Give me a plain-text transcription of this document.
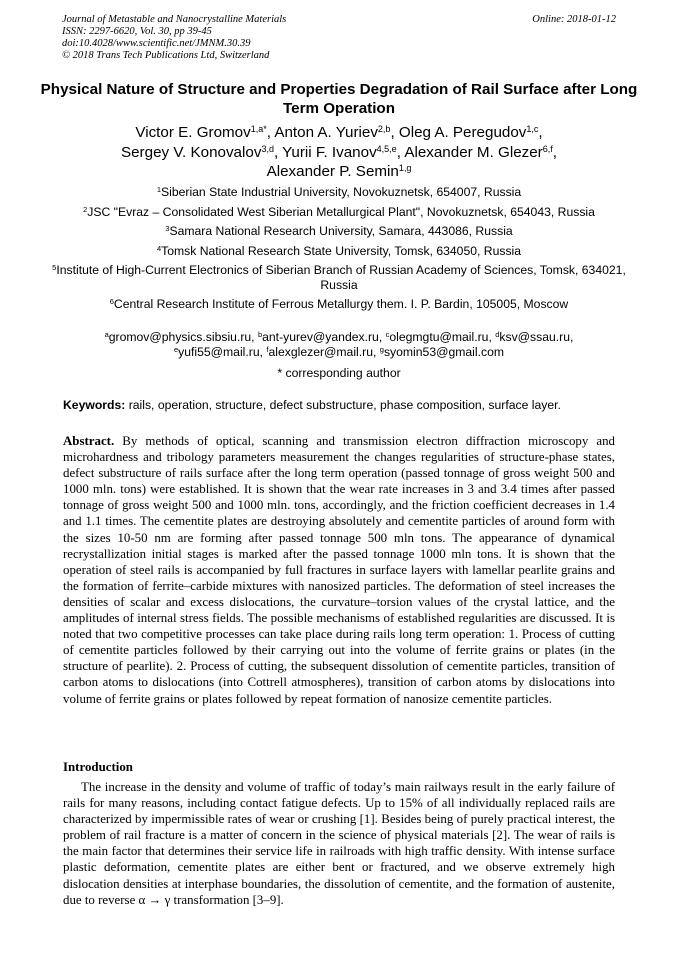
Journal of Metastable and Nanocrystalline Materials
ISSN: 2297-6620, Vol. 30, pp 39-45
doi:10.4028/www.scientific.net/JMNM.30.39
© 2018 Trans Tech Publications Ltd, Switzerland
Online: 2018-01-12
Physical Nature of Structure and Properties Degradation of Rail Surface after Long Term Operation
Victor E. Gromov$^{1,a*}$, Anton A. Yuriev$^{2,b}$, Oleg A. Peregudov$^{1,c}$,
Sergey V. Konovalov$^{3,d}$, Yurii F. Ivanov$^{4,5,e}$, Alexander M. Glezer$^{6,f}$,
Alexander P. Semin$^{1,g}$

$^1$Siberian State Industrial University, Novokuznetsk, 654007, Russia

$^2$JSC "Evraz – Consolidated West Siberian Metallurgical Plant", Novokuznetsk, 654043, Russia

$^3$Samara National Research University, Samara, 443086, Russia

$^4$Tomsk National Research State University, Tomsk, 634050, Russia

$^5$Institute of High-Current Electronics of Siberian Branch of Russian Academy of Sciences, Tomsk, 634021, Russia

$^6$Central Research Institute of Ferrous Metallurgy them. I. P. Bardin, 105005, Moscow

$^a$gromov@physics.sibsiu.ru, $^b$ant-yurev@yandex.ru, $^c$olegmgtu@mail.ru, $^d$ksv@ssau.ru,
$^e$yufi55@mail.ru, $^f$alexglezer@mail.ru, $^g$syomin53@gmail.com
* corresponding author
Keywords: rails, operation, structure, defect substructure, phase composition, surface layer.

Abstract. By methods of optical, scanning and transmission electron diffraction microscopy and microhardness and tribology parameters measurement the changes regularities of structure-phase states, defect substructure of rails surface after the long term operation (passed tonnage of gross weight 500 and 1000 mln. tons) were established. It is shown that the wear rate increases in 3 and 3.4 times after passed tonnage of gross weight 500 and 1000 mln. tons, accordingly, and the friction coefficient decreases in 1.4 and 1.1 times. The cementite plates are destroying absolutely and cementite particles of around form with the sizes 10-50 nm are forming after passed tonnage 500 mln tons. The appearance of dynamical recrystallization initial stages is marked after the passed tonnage 1000 mln tons. It is shown that the operation of steel rails is accompanied by full fractures in surface layers with lamellar pearlite grains and the formation of ferrite–carbide mixtures with nanosized particles. The deformation of steel increases the densities of scalar and excess dislocations, the curvature–torsion values of the crystal lattice, and the amplitudes of internal stress fields. The possible mechanisms of established regularities are discussed. It is noted that two competitive processes can take place during rails long term operation: 1. Process of cutting of cementite particles followed by their carrying out into the volume of ferrite grains or plates (in the structure of pearlite). 2. Process of cutting, the subsequent dissolution of cementite particles, transition of carbon atoms to dislocations (into Cottrell atmospheres), transition of carbon atoms by dislocations into volume of ferrite grains or plates followed by repeat formation of nanosize cementite particles.

Introduction

The increase in the density and volume of traffic of today’s main railways result in the early failure of rails for many reasons, including contact fatigue defects. Up to 15% of all individually replaced rails are characterized by impermissible rates of wear or crushing [1]. Besides being of purely practical interest, the problem of rail fracture is a matter of concern in the science of physical materials [2]. The wear of rails is the main factor that determines their service life in railroads with high traffic density. With intense surface plastic deformation, cementite plates are either bent or fractured, and we observe extremely high dislocation densities at interphase boundaries, the dissolution of cementite, and the formation of austenite, due to reverse α → γ transformation [3–9].
